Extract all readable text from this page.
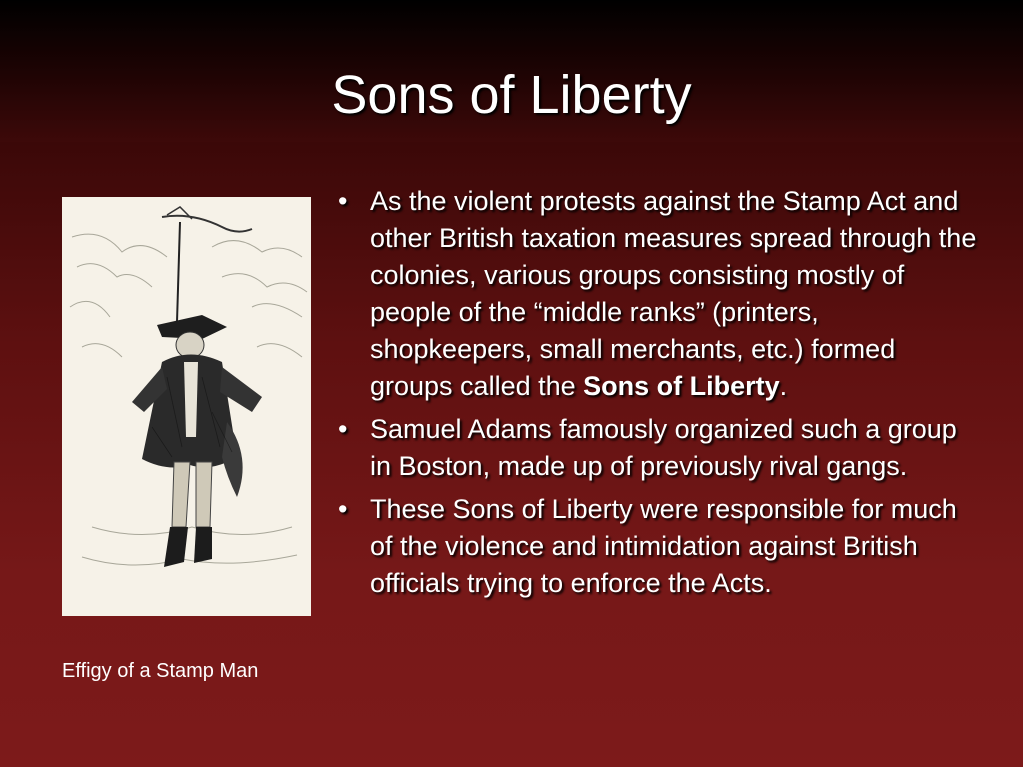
Sons of Liberty
Effigy of a Stamp Man
• As the violent protests against the Stamp Act and other British taxation measures spread through the colonies, various groups consisting mostly of people of the “middle ranks” (printers, shopkeepers, small merchants, etc.) formed groups called the Sons of Liberty.
• Samuel Adams famously organized such a group in Boston, made up of previously rival gangs.
• These Sons of Liberty were responsible for much of the violence and intimidation against British officials trying to enforce the Acts.
